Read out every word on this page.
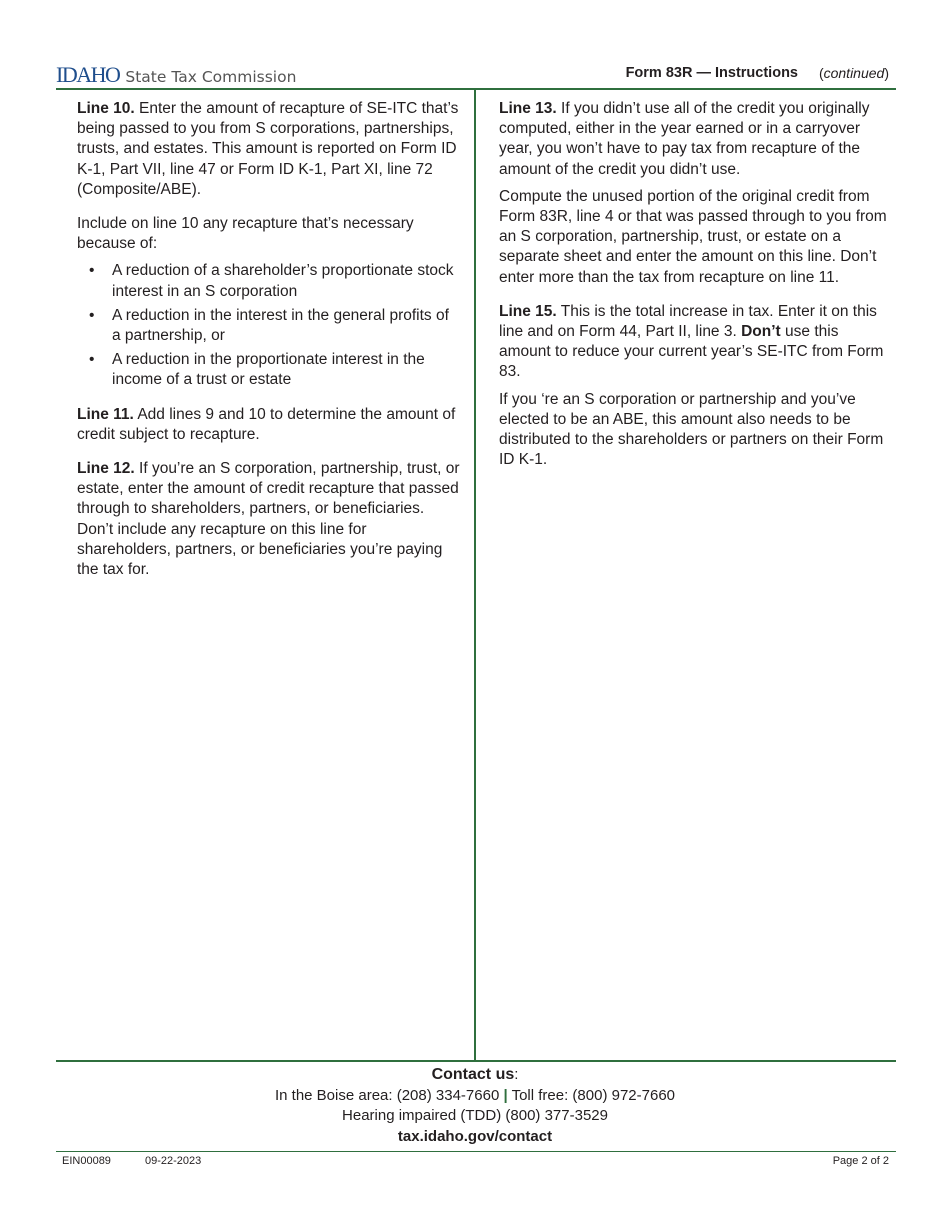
IDAHO State Tax Commission	Form 83R — Instructions (continued)

Line 10. Enter the amount of recapture of SE-ITC that’s being passed to you from S corporations, partnerships, trusts, and estates. This amount is reported on Form ID K-1, Part VII, line 47 or Form ID K-1, Part XI, line 72 (Composite/ABE).

Include on line 10 any recapture that’s necessary because of:

• A reduction of a shareholder’s proportionate stock interest in an S corporation
• A reduction in the interest in the general profits of a partnership, or
• A reduction in the proportionate interest in the income of a trust or estate

Line 11. Add lines 9 and 10 to determine the amount of credit subject to recapture.

Line 12. If you’re an S corporation, partnership, trust, or estate, enter the amount of credit recapture that passed through to shareholders, partners, or beneficiaries. Don’t include any recapture on this line for shareholders, partners, or beneficiaries you’re paying the tax for.

Line 13. If you didn’t use all of the credit you originally computed, either in the year earned or in a carryover year, you won’t have to pay tax from recapture of the amount of the credit you didn’t use.

Compute the unused portion of the original credit from Form 83R, line 4 or that was passed through to you from an S corporation, partnership, trust, or estate on a separate sheet and enter the amount on this line. Don’t enter more than the tax from recapture on line 11.

Line 15. This is the total increase in tax. Enter it on this line and on Form 44, Part II, line 3. Don’t use this amount to reduce your current year’s SE-ITC from Form 83.

If you ‘re an S corporation or partnership and you’ve elected to be an ABE, this amount also needs to be distributed to the shareholders or partners on their Form ID K-1.

Contact us:
In the Boise area: (208) 334-7660 | Toll free: (800) 972-7660
Hearing impaired (TDD) (800) 377-3529
tax.idaho.gov/contact
EIN00089	09-22-2023	Page 2 of 2
